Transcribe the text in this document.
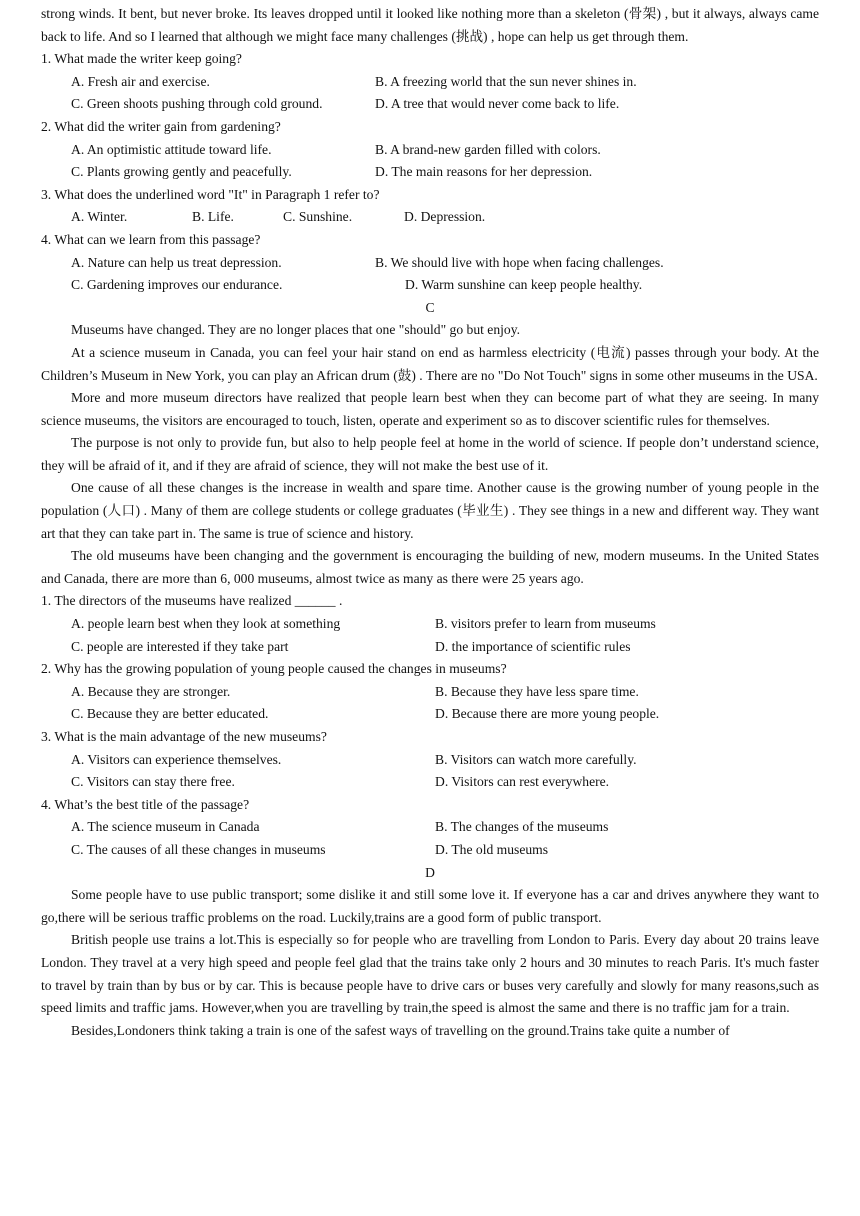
strong winds. It bent, but never broke. Its leaves dropped until it looked like nothing more than a skeleton (骨架) , but it always, always came back to life. And so I learned that although we might face many challenges (挑战) , hope can help us get through them.

1. What made the writer keep going?

A. Fresh air and exercise.	B. A freezing world that the sun never shines in.
C. Green shoots pushing through cold ground.	D. A tree that would never come back to life.

2. What did the writer gain from gardening?

A. An optimistic attitude toward life.	B. A brand-new garden filled with colors.
C. Plants growing gently and peacefully.	D. The main reasons for her depression.

3. What does the underlined word "It" in Paragraph 1 refer to?

A. Winter.	B. Life.	C. Sunshine.	D. Depression.

4. What can we learn from this passage?

A. Nature can help us treat depression.	B. We should live with hope when facing challenges.
C. Gardening improves our endurance.	D. Warm sunshine can keep people healthy.

C

Museums have changed. They are no longer places that one "should" go but enjoy.

At a science museum in Canada, you can feel your hair stand on end as harmless electricity (电流) passes through your body. At the Children’s Museum in New York, you can play an African drum (鼓) . There are no "Do Not Touch" signs in some other museums in the USA.

More and more museum directors have realized that people learn best when they can become part of what they are seeing. In many science museums, the visitors are encouraged to touch, listen, operate and experiment so as to discover scientific rules for themselves.

The purpose is not only to provide fun, but also to help people feel at home in the world of science. If people don’t understand science, they will be afraid of it, and if they are afraid of science, they will not make the best use of it.

One cause of all these changes is the increase in wealth and spare time. Another cause is the growing number of young people in the population (人口) . Many of them are college students or college graduates (毕业生) . They see things in a new and different way. They want art that they can take part in. The same is true of science and history.

The old museums have been changing and the government is encouraging the building of new, modern museums. In the United States and Canada, there are more than 6, 000 museums, almost twice as many as there were 25 years ago.

1. The directors of the museums have realized ______ .

A. people learn best when they look at something	B. visitors prefer to learn from museums
C. people are interested if they take part	D. the importance of scientific rules

2. Why has the growing population of young people caused the changes in museums?

A. Because they are stronger.	B. Because they have less spare time.
C. Because they are better educated.	D. Because there are more young people.

3. What is the main advantage of the new museums?

A. Visitors can experience themselves.	B. Visitors can watch more carefully.
C. Visitors can stay there free.	D. Visitors can rest everywhere.

4. What’s the best title of the passage?

A. The science museum in Canada	B. The changes of the museums
C. The causes of all these changes in museums	D. The old museums

D

Some people have to use public transport; some dislike it and still some love it. If everyone has a car and drives anywhere they want to go,there will be serious traffic problems on the road. Luckily,trains are a good form of public transport.

British people use trains a lot.This is especially so for people who are travelling from London to Paris. Every day about 20 trains leave London. They travel at a very high speed and people feel glad that the trains take only 2 hours and 30 minutes to reach Paris. It's much faster to travel by train than by bus or by car. This is because people have to drive cars or buses very carefully and slowly for many reasons,such as speed limits and traffic jams. However,when you are travelling by train,the speed is almost the same and there is no traffic jam for a train.

Besides,Londoners think taking a train is one of the safest ways of travelling on the ground.Trains take quite a number of
